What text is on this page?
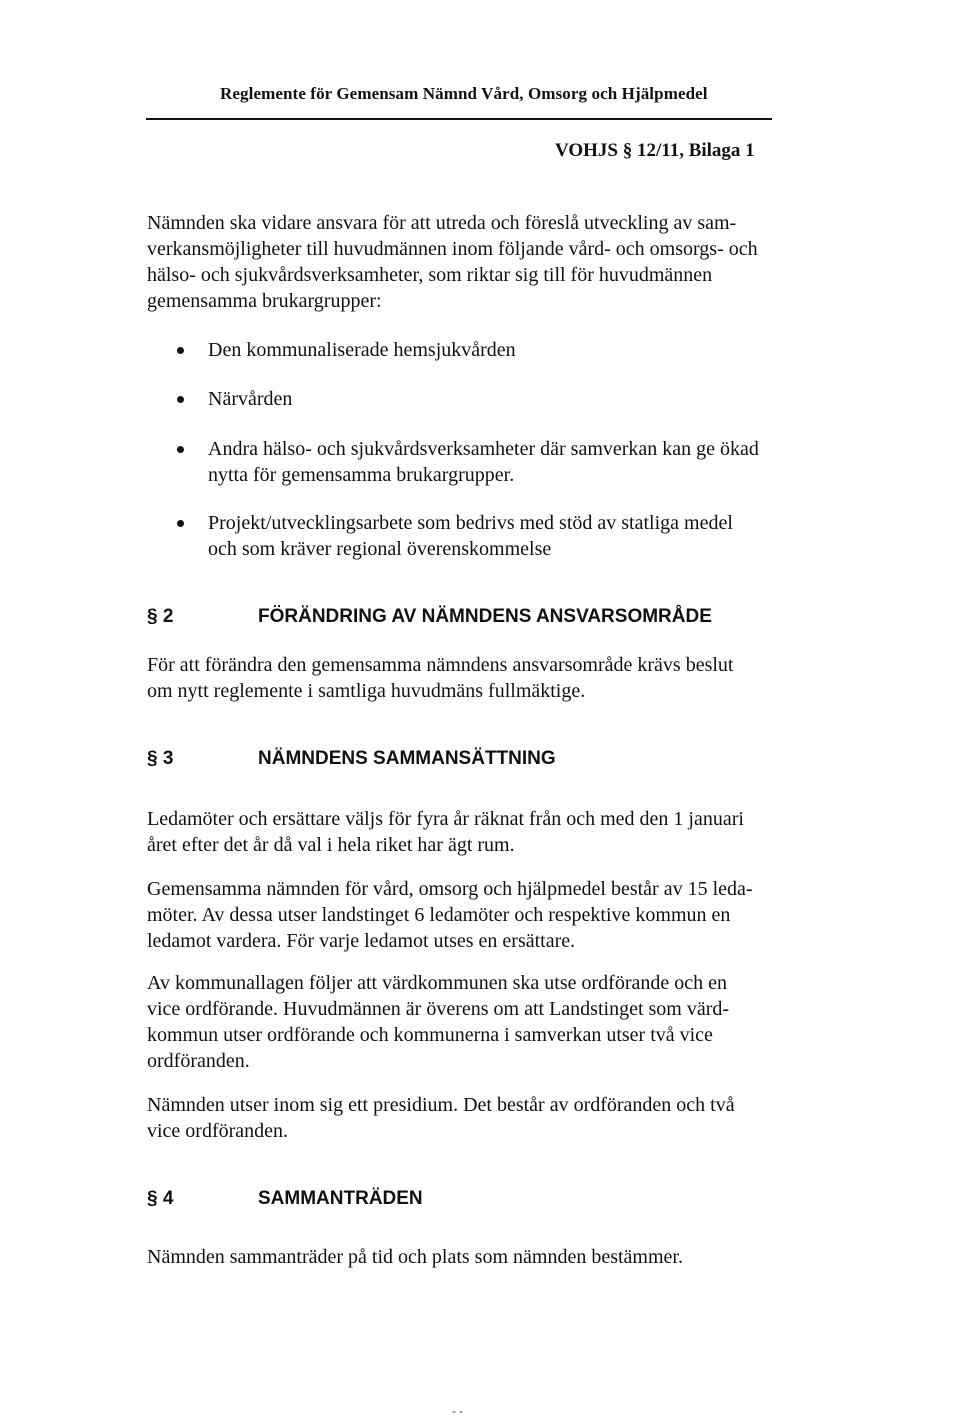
Reglemente för Gemensam Nämnd Vård, Omsorg och Hjälpmedel
VOHJS § 12/11, Bilaga 1
Nämnden ska vidare ansvara för att utreda och föreslå utveckling av sam-
verkansmöjligheter till huvudmännen inom följande vård- och omsorgs- och
hälso- och sjukvårdsverksamheter, som riktar sig till för huvudmännen
gemensamma brukargrupper:
Den kommunaliserade hemsjukvården
Närvården
Andra hälso- och sjukvårdsverksamheter där samverkan kan ge ökad
nytta för gemensamma brukargrupper.
Projekt/utvecklingsarbete som bedrivs med stöd av statliga medel
och som kräver regional överenskommelse
§ 2	FÖRÄNDRING AV NÄMNDENS ANSVARSOMRÅDE
För att förändra den gemensamma nämndens ansvarsområde krävs beslut
om nytt reglemente i samtliga huvudmäns fullmäktige.
§ 3	NÄMNDENS SAMMANSÄTTNING
Ledamöter och ersättare väljs för fyra år räknat från och med den 1 januari
året efter det år då val i hela riket har ägt rum.
Gemensamma nämnden för vård, omsorg och hjälpmedel består av 15 leda-
möter. Av dessa utser landstinget 6 ledamöter och respektive kommun en
ledamot vardera. För varje ledamot utses en ersättare.
Av kommunallagen följer att värdkommunen ska utse ordförande och en
vice ordförande. Huvudmännen är överens om att Landstinget som värd-
kommun utser ordförande och kommunerna i samverkan utser två vice
ordföranden.
Nämnden utser inom sig ett presidium. Det består av ordföranden och två
vice ordföranden.
§ 4	SAMMANTRÄDEN
Nämnden sammanträder på tid och plats som nämnden bestämmer.
- -
